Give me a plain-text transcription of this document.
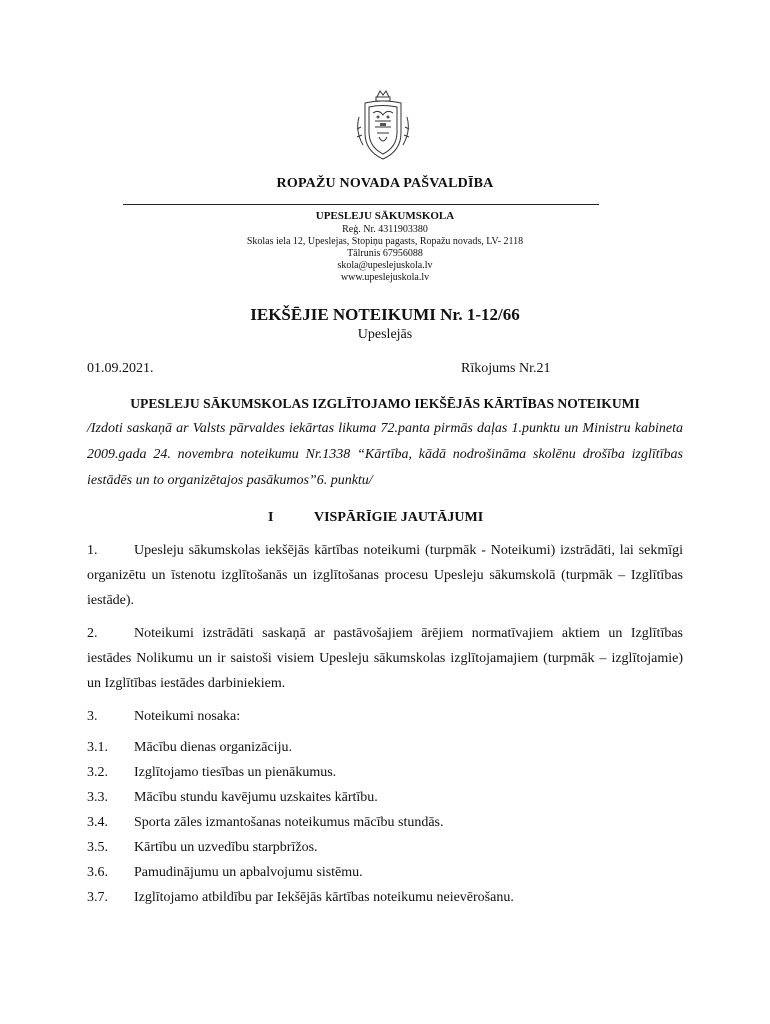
ROPAŽU NOVADA PAŠVALDĪBA
UPESLEJU SĀKUMSKOLA
Reģ. Nr. 4311903380
Skolas iela 12, Upeslejas, Stopiņu pagasts, Ropažu novads, LV- 2118
Tālrunis 67956088
skola@upeslejuskola.lv
www.upeslejuskola.lv
IEKŠĒJIE NOTEIKUMI Nr. 1-12/66
Upeslejās
01.09.2021.	Rīkojums Nr.21
UPESLEJU SĀKUMSKOLAS IZGLĪTOJAMO IEKŠĒJĀS KĀRTĪBAS NOTEIKUMI
/Izdoti saskaņā ar Valsts pārvaldes iekārtas likuma 72.panta pirmās daļas 1.punktu un Ministru kabineta 2009.gada 24. novembra noteikumu Nr.1338 “Kārtība, kādā nodrošināma skolēnu drošība izglītības iestādēs un to organizētajos pasākumos”6. punktu/
I	VISPĀRĪGIE JAUTĀJUMI
1.	Upesleju sākumskolas iekšējās kārtības noteikumi (turpmāk - Noteikumi) izstrādāti, lai sekmīgi organizētu un īstenotu izglītošanās un izglītošanas procesu Upesleju sākumskolā (turpmāk – Izglītības iestāde).
2.	Noteikumi izstrādāti saskaņā ar pastāvošajiem ārējiem normatīvajiem aktiem un Izglītības iestādes Nolikumu un ir saistoši visiem Upesleju sākumskolas izglītojamajiem (turpmāk – izglītojamie) un Izglītības iestādes darbiniekiem.
3.	Noteikumi nosaka:
3.1. Mācību dienas organizāciju.
3.2. Izglītojamo tiesības un pienākumus.
3.3. Mācību stundu kavējumu uzskaites kārtību.
3.4. Sporta zāles izmantošanas noteikumus mācību stundās.
3.5. Kārtību un uzvedību starpbrīžos.
3.6. Pamudinājumu un apbalvojumu sistēmu.
3.7. Izglītojamo atbildību par Iekšējās kārtības noteikumu neievērošanu.
